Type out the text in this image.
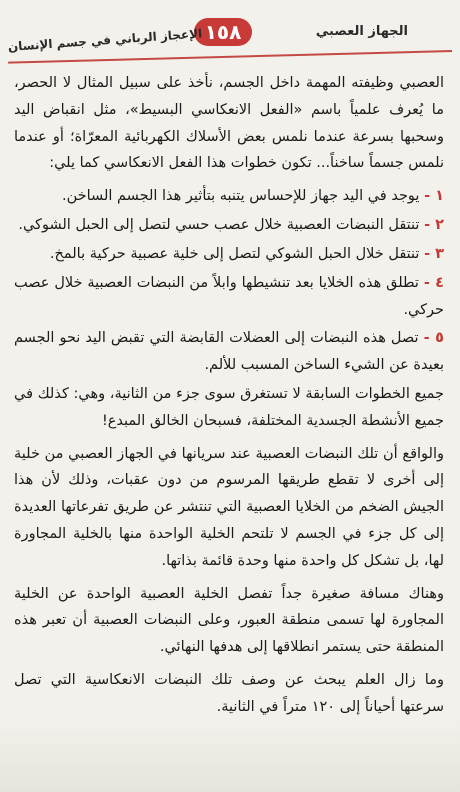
الجهاز العصبي
١٥٨
الإعجاز الرباني في جسم الإنسان

العصبي وظيفته المهمة داخل الجسم، نأخذ على سبيل المثال لا الحصر، ما يُعرف علمياً باسم «الفعل الانعكاسي البسيط»، مثل انقباض اليد وسحبها بسرعة عندما نلمس بعض الأسلاك الكهربائية المعرّاة؛ أو عندما نلمس جسماً ساخناً... تكون خطوات هذا الفعل الانعكاسي كما يلي:

١ - يوجد في اليد جهاز للإحساس يتنبه بتأثير هذا الجسم الساخن.

٢ - تنتقل النبضات العصبية خلال عصب حسي لتصل إلى الحبل الشوكي.

٣ - تنتقل خلال الحبل الشوكي لتصل إلى خلية عصبية حركية بالمخ.

٤ - تطلق هذه الخلايا بعد تنشيطها وابلاً من النبضات العصبية خلال عصب حركي.

٥ - تصل هذه النبضات إلى العضلات القابضة التي تقبض اليد نحو الجسم بعيدة عن الشيء الساخن المسبب للألم.

جميع الخطوات السابقة لا تستغرق سوى جزء من الثانية، وهي: كذلك في جميع الأنشطة الجسدية المختلفة، فسبحان الخالق المبدع!

والواقع أن تلك النبضات العصبية عند سريانها في الجهاز العصبي من خلية إلى أخرى لا تقطع طريقها المرسوم من دون عقبات، وذلك لأن هذا الجيش الضخم من الخلايا العصبية التي تنتشر عن طريق تفرعاتها العديدة إلى كل جزء في الجسم لا تلتحم الخلية الواحدة منها بالخلية المجاورة لها، بل تشكل كل واحدة منها وحدة قائمة بذاتها.

وهناك مسافة صغيرة جداً تفصل الخلية العصبية الواحدة عن الخلية المجاورة لها تسمى منطقة العبور، وعلى النبضات العصبية أن تعبر هذه المنطقة حتى يستمر انطلاقها إلى هدفها النهائي.

وما زال العلم يبحث عن وصف تلك النبضات الانعكاسية التي تصل سرعتها أحياناً إلى ١٢٠ متراً في الثانية.
